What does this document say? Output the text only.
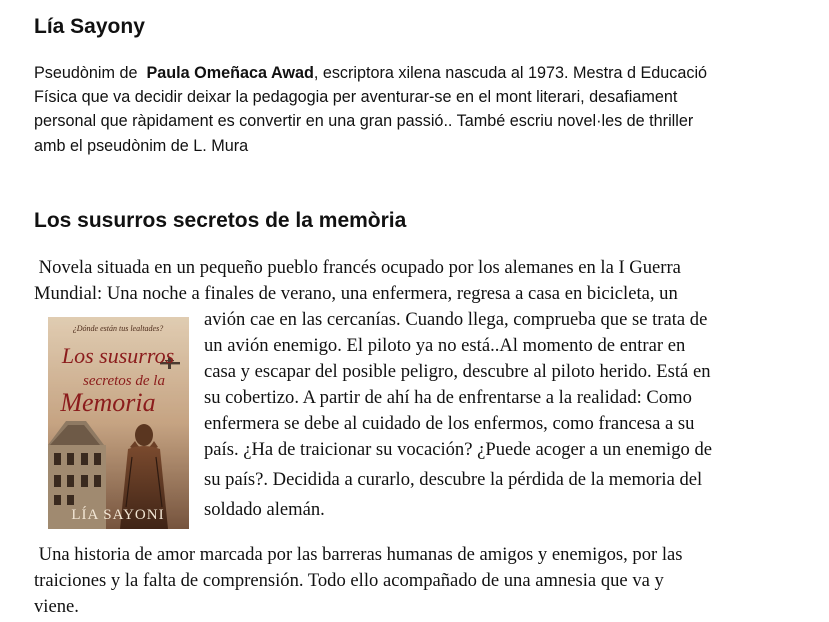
Lía Sayony

Pseudònim de  Paula Omeñaca Awad, escriptora xilena nascuda al 1973. Mestra d Educació
Física que va decidir deixar la pedagogia per aventurar-se en el mont literari, desafiament
personal que ràpidament es convertir en una gran passió.. També escriu novel·les de thriller
amb el pseudònim de L. Mura

Los susurros secretos de la memòria

Novela situada en un pequeño pueblo francés ocupado por los alemanes en la I Guerra
Mundial: Una noche a finales de verano, una enfermera, regresa a casa en bicicleta, un
avión cae en las cercanías. Cuando llega, comprueba que se trata de
un avión enemigo. El piloto ya no está..Al momento de entrar en
casa y escapar del posible peligro, descubre al piloto herido. Está en
su cobertizo. A partir de ahí ha de enfrentarse a la realidad: Como
enfermera se debe al cuidado de los enfermos, como francesa a su
país. ¿Ha de traicionar su vocación? ¿Puede acoger a un enemigo de
su país?. Decidida a curarlo, descubre la pérdida de la memoria del
soldado alemán.

¿Dónde están tus lealtades?
Los susurros
secretos de la
Memoria
LÍA SAYONI

Una historia de amor marcada por las barreras humanas de amigos y enemigos, por las
traiciones y la falta de comprensión. Todo ello acompañado de una amnesia que va y
viene.
